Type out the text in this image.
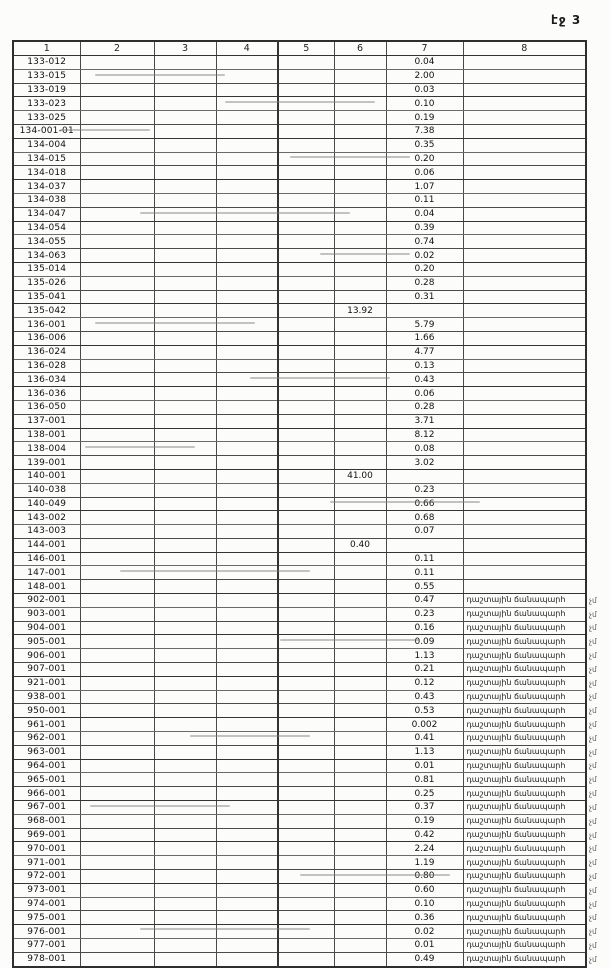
էջ 3
1	2	3	4	5	6	7	8
133-012						0.04	
133-015						2.00	
133-019						0.03	
133-023						0.10	
133-025						0.19	
134-001-01						7.38	
134-004						0.35	
134-015						0.20	
134-018						0.06	
134-037						1.07	
134-038						0.11	
134-047						0.04	
134-054						0.39	
134-055						0.74	
134-063						0.02	
135-014						0.20	
135-026						0.28	
135-041						0.31	
135-042					13.92		
136-001						5.79	
136-006						1.66	
136-024						4.77	
136-028						0.13	
136-034						0.43	
136-036						0.06	
136-050						0.28	
137-001						3.71	
138-001						8.12	
138-004						0.08	
139-001						3.02	
140-001					41.00		
140-038						0.23	
140-049						0.66	
143-002						0.68	
143-003						0.07	
144-001					0.40		
146-001						0.11	
147-001						0.11	
148-001						0.55	
902-001						0.47	դաշտային ճանապարհ
903-001						0.23	դաշտային ճանապարհ
904-001						0.16	դաշտային ճանապարհ
905-001						0.09	դաշտային ճանապարհ
906-001						1.13	դաշտային ճանապարհ
907-001						0.21	դաշտային ճանապարհ
921-001						0.12	դաշտային ճանապարհ
938-001						0.43	դաշտային ճանապարհ
950-001						0.53	դաշտային ճանապարհ
961-001						0.002	դաշտային ճանապարհ
962-001						0.41	դաշտային ճանապարհ
963-001						1.13	դաշտային ճանապարհ
964-001						0.01	դաշտային ճանապարհ
965-001						0.81	դաշտային ճանապարհ
966-001						0.25	դաշտային ճանապարհ
967-001						0.37	դաշտային ճանապարհ
968-001						0.19	դաշտային ճանապարհ
969-001						0.42	դաշտային ճանապարհ
970-001						2.24	դաշտային ճանապարհ
971-001						1.19	դաշտային ճանապարհ
972-001						0.80	դաշտային ճանապարհ
973-001						0.60	դաշտային ճանապարհ
974-001						0.10	դաշտային ճանապարհ
975-001						0.36	դաշտային ճանապարհ
976-001						0.02	դաշտային ճանապարհ
977-001						0.01	դաշտային ճանապարհ
978-001						0.49	դաշտային ճանապարհ
չմ
չմ
չմ
չմ
չմ
չմ
չմ
չմ
չմ
չմ
չմ
չմ
չմ
չմ
չմ
չմ
չմ
չմ
չմ
չմ
չմ
չմ
չմ
չմ
չմ
չմ
չմ
